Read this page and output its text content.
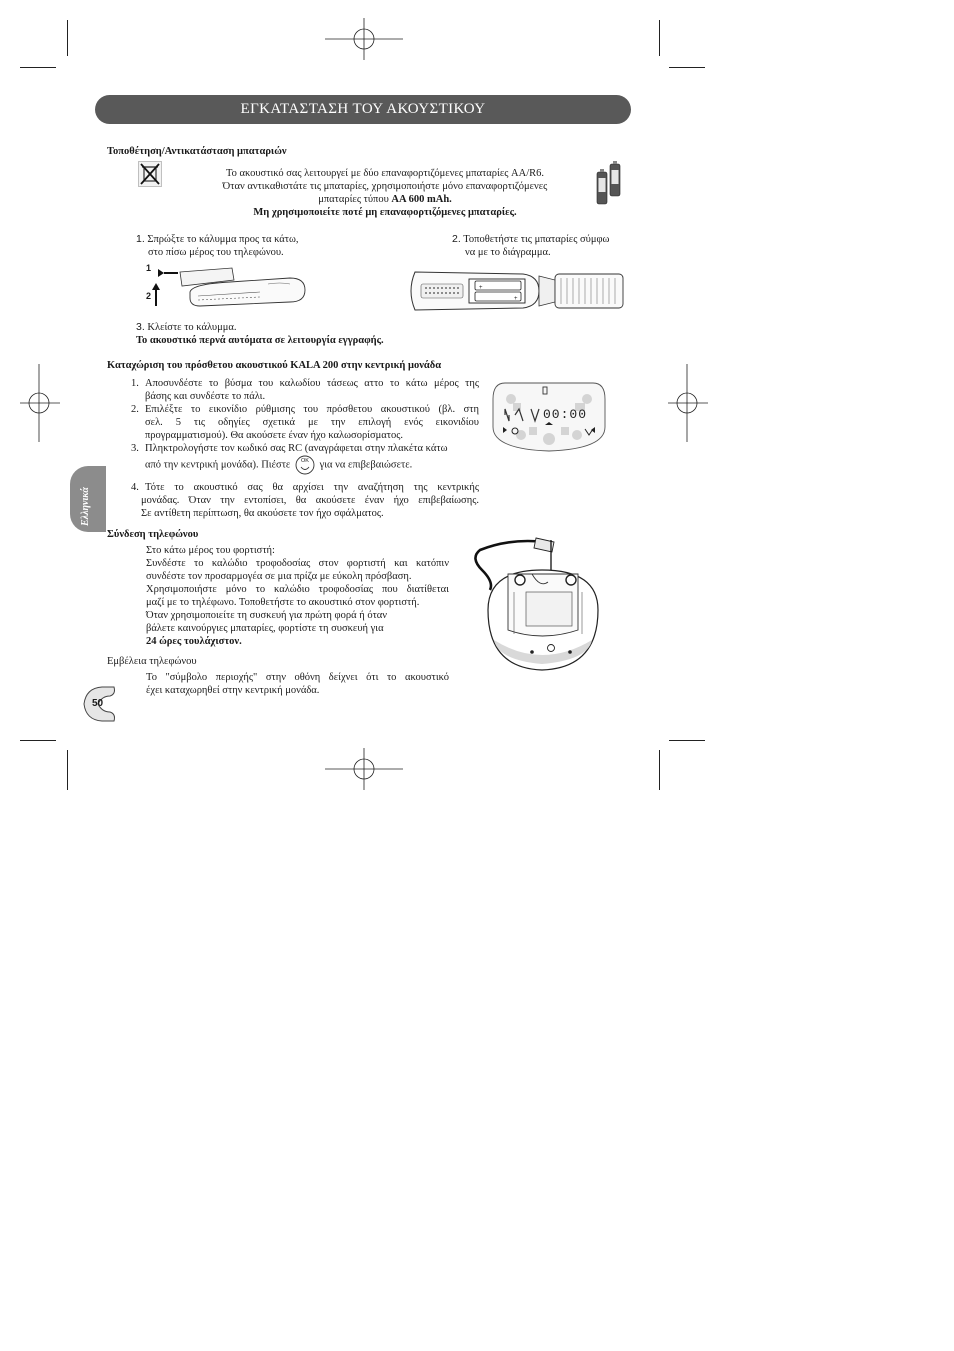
ΕΓΚΑΤΑΣΤΑΣΗ ΤΟΥ ΑΚΟΥΣΤΙΚΟΥ
Τοποθέτηση/Αντικατάσταση μπαταριών

Το ακουστικό σας λειτουργεί με δύο επαναφορτιζόμενες μπαταρίες AA/R6.

Όταν αντικαθιστάτε τις μπαταρίες, χρησιμοποιήστε μόνο επαναφορτιζόμενες

μπαταρίες τύπου AA 600 mAh.

Μη χρησιμοποιείτε ποτέ μη επαναφορτιζόμενες μπαταρίες.

1. Σπρώξτε το κάλυμμα προς τα κάτω,

στο πίσω μέρος του τηλεφώνου.

2. Τοποθετήστε τις μπαταρίες σύμφω

να με το διάγραμμα.

1
2
+
+

3. Κλείστε το κάλυμμα.

Το ακουστικό περνά αυτόματα σε λειτουργία εγγραφής.

Καταχώριση του πρόσθετου ακουστικού KALA 200 στην κεντρική μονάδα

1. Αποσυνδέστε το βύσμα του καλωδίου τάσεως αττο το κάτω μέρος της

βάσης και συνδέστε το πάλι.

2. Επιλέξτε το εικονίδιο ρύθμισης του πρόσθετου ακουστικού (βλ. στη

σελ. 5 τις οδηγίες σχετικά με την επιλογή ενός εικονιδίου

προγραμματισμού). Θα ακούσετε έναν ήχο καλωσορίσματος.

3. Πληκτρολογήστε τον κωδικό σας RC (αναγράφεται στην πλακέτα κάτω

από την κεντρική μονάδα). Πιέστε	OK	για να επιβεβαιώσετε.

4. Τότε το ακουστικό σας θα αρχίσει την αναζήτηση της κεντρικής

μονάδας. Όταν την εντοπίσει, θα ακούσετε έναν ήχο επιβεβαίωσης.

Σε αντίθετη περίπτωση, θα ακούσετε τον ήχο σφάλματος.

00:00
Σύνδεση τηλεφώνου

Στο κάτω μέρος του φορτιστή:

Συνδέστε το καλώδιο τροφοδοσίας στον φορτιστή και κατόπιν

συνδέστε τον προσαρμογέα σε μια πρίζα με εύκολη πρόσβαση.

Χρησιμοποιήστε μόνο το καλώδιο τροφοδοσίας που διατίθεται

μαζί με το τηλέφωνο. Τοποθετήστε το ακουστικό στον φορτιστή.

Όταν χρησιμοποιείτε τη συσκευή για πρώτη φορά ή όταν

βάλετε καινούργιες μπαταρίες, φορτίστε τη συσκευή για

24 ώρες τουλάχιστον.

Εμβέλεια τηλεφώνου

Το "σύμβολο περιοχής" στην οθόνη δείχνει ότι το ακουστικό

έχει καταχωρηθεί στην κεντρική μονάδα.

Ελληνικά
50
